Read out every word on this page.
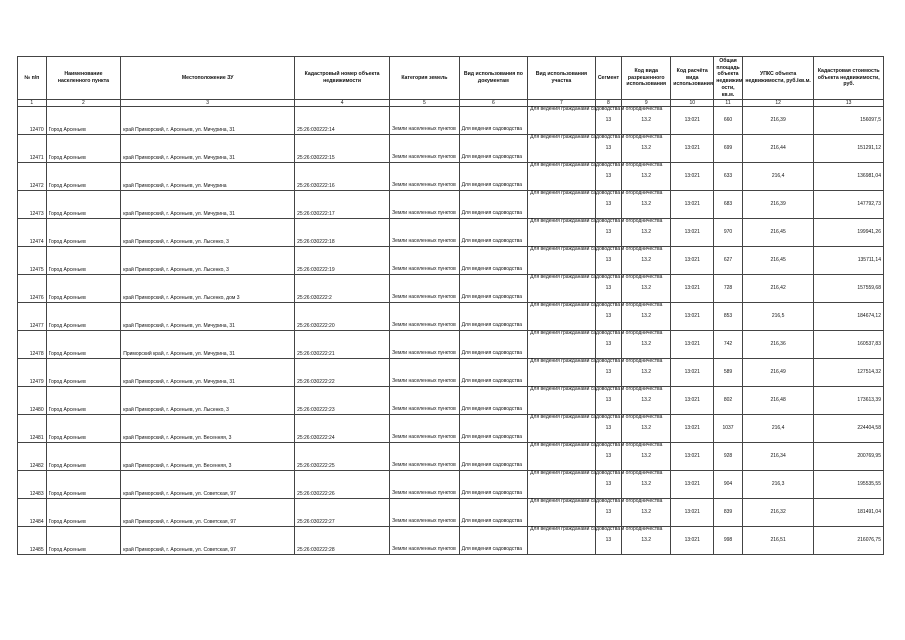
№ п/п	Наименование населенного пункта	Местоположение ЗУ	Кадастровый номер объекта недвижимости	Категория земель	Вид использования по документам	Вид использования участка	Сегмент	Код вида разрешенного использования	Код расчёта вида использования	Общая площадь объекта недвижим ости, кв.м.	УПКС объекта недвижимости, руб./кв.м.	Кадастровая стоимость объекта недвижимости, руб.
1	2	3	4	5	6	7	8	9	10	11	12	13
12470	Город Арсеньев	край Приморский, г. Арсеньев, ул. Мичурина, 31	25:26:030222:14	Земли населенных пунктов	Для ведения садоводства	Для ведения гражданами садоводства и огородничества	13	13.2	13:021	660	216,39	156097,5
12471	Город Арсеньев	край Приморский, г. Арсеньев, ул. Мичурина, 31	25:26:030222:15	Земли населенных пунктов	Для ведения садоводства	Для ведения гражданами садоводства и огородничества	13	13.2	13:021	699	216,44	151291,12
12472	Город Арсеньев	край Приморский, г. Арсеньев, ул. Мичурина	25:26:030222:16	Земли населенных пунктов	Для ведения садоводства	Для ведения гражданами садоводства и огородничества	13	13.2	13:021	633	216,4	136981,04
12473	Город Арсеньев	край Приморский, г. Арсеньев, ул. Мичурина, 31	25:26:030222:17	Земли населенных пунктов	Для ведения садоводства	Для ведения гражданами садоводства и огородничества	13	13.2	13:021	683	216,39	147792,73
12474	Город Арсеньев	край Приморский, г. Арсеньев, ул. Лысенко, 3	25:26:030222:18	Земли населенных пунктов	Для ведения садоводства	Для ведения гражданами садоводства и огородничества	13	13.2	13:021	970	216,45	199941,26
12475	Город Арсеньев	край Приморский, г. Арсеньев, ул. Лысенко, 3	25:26:030222:19	Земли населенных пунктов	Для ведения садоводства	Для ведения гражданами садоводства и огородничества	13	13.2	13:021	627	216,45	135711,14
12476	Город Арсеньев	край Приморский, г. Арсеньев, ул. Лысенко, дом 3	25:26:030222:2	Земли населенных пунктов	Для ведения садоводства	Для ведения гражданами садоводства и огородничества	13	13.2	13:021	728	216,42	157559,68
12477	Город Арсеньев	край Приморский, г. Арсеньев, ул. Мичурина, 31	25:26:030222:20	Земли населенных пунктов	Для ведения садоводства	Для ведения гражданами садоводства и огородничества	13	13.2	13:021	853	216,5	184674,12
12478	Город Арсеньев	Приморский край, г. Арсеньев, ул. Мичурина, 31	25:26:030222:21	Земли населенных пунктов	Для ведения садоводства	Для ведения гражданами садоводства и огородничества	13	13.2	13:021	742	216,36	160537,83
12479	Город Арсеньев	край Приморский, г. Арсеньев, ул. Мичурина, 31	25:26:030222:22	Земли населенных пунктов	Для ведения садоводства	Для ведения гражданами садоводства и огородничества	13	13.2	13:021	589	216,49	127514,32
12480	Город Арсеньев	край Приморский, г. Арсеньев, ул. Лысенко, 3	25:26:030222:23	Земли населенных пунктов	Для ведения садоводства	Для ведения гражданами садоводства и огородничества	13	13.2	13:021	802	216,48	173613,39
12481	Город Арсеньев	край Приморский, г. Арсеньев, ул. Весенняя, 3	25:26:030222:24	Земли населенных пунктов	Для ведения садоводства	Для ведения гражданами садоводства и огородничества	13	13.2	13:021	1037	216,4	224404,58
12482	Город Арсеньев	край Приморский, г. Арсеньев, ул. Весенняя, 3	25:26:030222:25	Земли населенных пунктов	Для ведения садоводства	Для ведения гражданами садоводства и огородничества	13	13.2	13:021	928	216,34	200769,95
12483	Город Арсеньев	край Приморский, г. Арсеньев, ул. Советская, 97	25:26:030222:26	Земли населенных пунктов	Для ведения садоводства	Для ведения гражданами садоводства и огородничества	13	13.2	13:021	904	216,3	195535,55
12484	Город Арсеньев	край Приморский, г. Арсеньев, ул. Советская, 97	25:26:030222:27	Земли населенных пунктов	Для ведения садоводства	Для ведения гражданами садоводства и огородничества	13	13.2	13:021	839	216,32	181491,04
12485	Город Арсеньев	край Приморский, г. Арсеньев, ул. Советская, 97	25:26:030222:28	Земли населенных пунктов	Для ведения садоводства	Для ведения гражданами садоводства и огородничества	13	13.2	13:021	998	216,51	216076,75
